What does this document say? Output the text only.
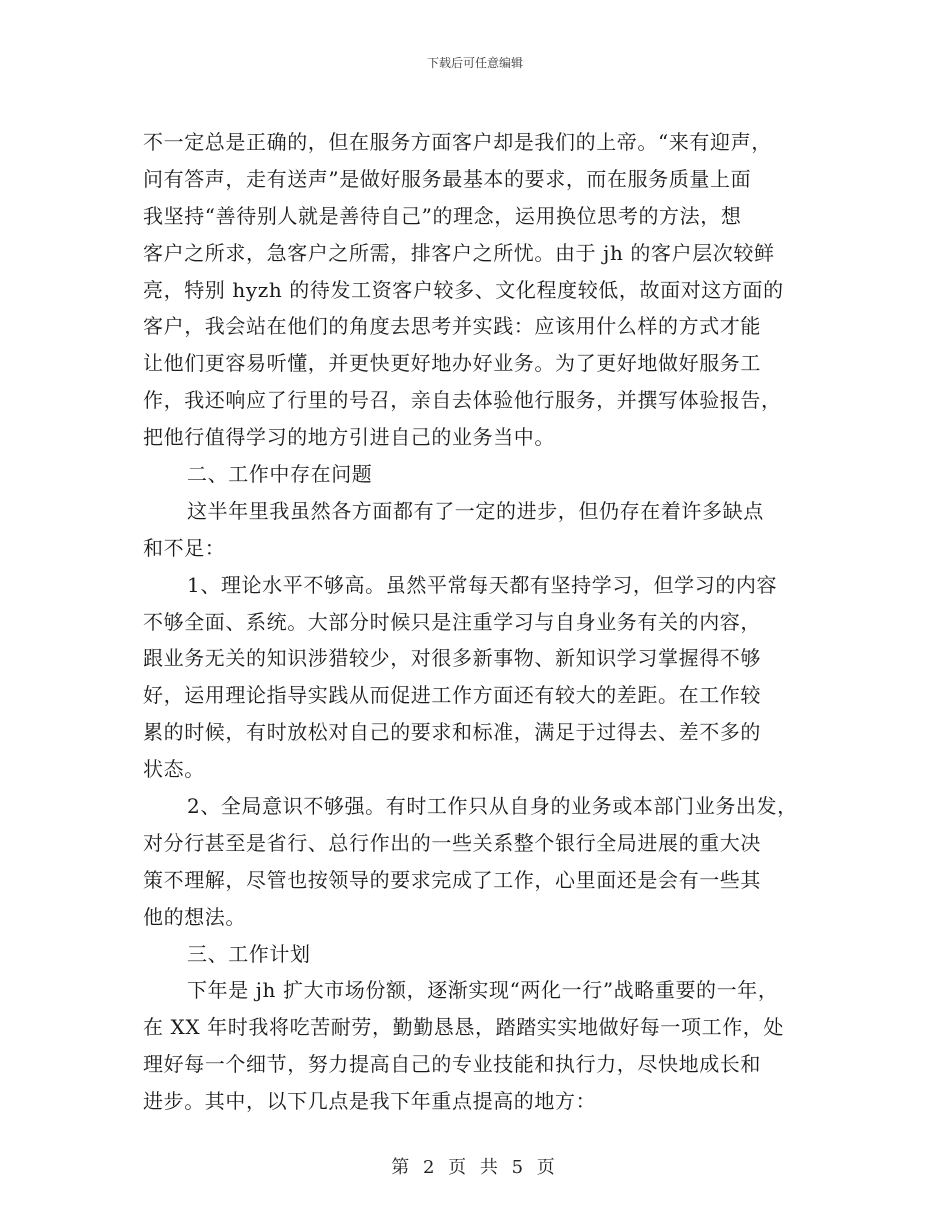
下载后可任意编辑
不一定总是正确的，但在服务方面客户却是我们的上帝。“来有迎声，
问有答声，走有送声”是做好服务最基本的要求，而在服务质量上面
我坚持“善待别人就是善待自己”的理念，运用换位思考的方法，想
客户之所求，急客户之所需，排客户之所忧。由于 jh 的客户层次较鲜
亮，特别 hyzh 的待发工资客户较多、文化程度较低，故面对这方面的
客户，我会站在他们的角度去思考并实践：应该用什么样的方式才能
让他们更容易听懂，并更快更好地办好业务。为了更好地做好服务工
作，我还响应了行里的号召，亲自去体验他行服务，并撰写体验报告，
把他行值得学习的地方引进自己的业务当中。
二、工作中存在问题
这半年里我虽然各方面都有了一定的进步，但仍存在着许多缺点
和不足：
1、理论水平不够高。虽然平常每天都有坚持学习，但学习的内容
不够全面、系统。大部分时候只是注重学习与自身业务有关的内容，
跟业务无关的知识涉猎较少，对很多新事物、新知识学习掌握得不够
好，运用理论指导实践从而促进工作方面还有较大的差距。在工作较
累的时候，有时放松对自己的要求和标准，满足于过得去、差不多的
状态。
2、全局意识不够强。有时工作只从自身的业务或本部门业务出发，
对分行甚至是省行、总行作出的一些关系整个银行全局进展的重大决
策不理解，尽管也按领导的要求完成了工作，心里面还是会有一些其
他的想法。
三、工作计划
下年是 jh 扩大市场份额，逐渐实现“两化一行”战略重要的一年，
在 XX 年时我将吃苦耐劳，勤勤恳恳，踏踏实实地做好每一项工作，处
理好每一个细节，努力提高自己的专业技能和执行力，尽快地成长和
进步。其中，以下几点是我下年重点提高的地方：
第 2 页 共 5 页
